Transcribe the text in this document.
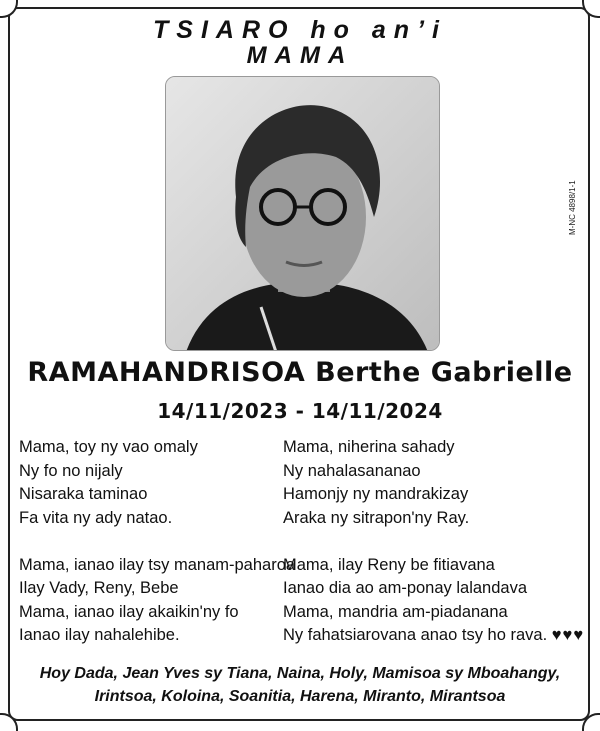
TSIARO ho an’i
MAMA
M-NC 4898/1-1
RAMAHANDRISOA Berthe Gabrielle
14/11/2023 - 14/11/2024
Mama, toy ny vao omaly
Ny fo no nijaly
Nisaraka taminao
Fa vita ny ady natao.
Mama, ianao ilay tsy manam-paharoa
Ilay Vady, Reny, Bebe
Mama, ianao ilay akaikin'ny fo
Ianao ilay nahalehibe.
Mama, niherina sahady
Ny nahalasananao
Hamonjy ny mandrakizay
Araka ny sitrapon'ny Ray.
Mama, ilay Reny be fitiavana
Ianao dia ao am-ponay lalandava
Mama, mandria am-piadanana
Ny fahatsiarovana anao tsy ho rava. ♥♥♥
Hoy Dada, Jean Yves sy Tiana, Naina, Holy, Mamisoa sy Mboahangy,
Irintsoa, Koloina, Soanitia, Harena, Miranto, Mirantsoa
